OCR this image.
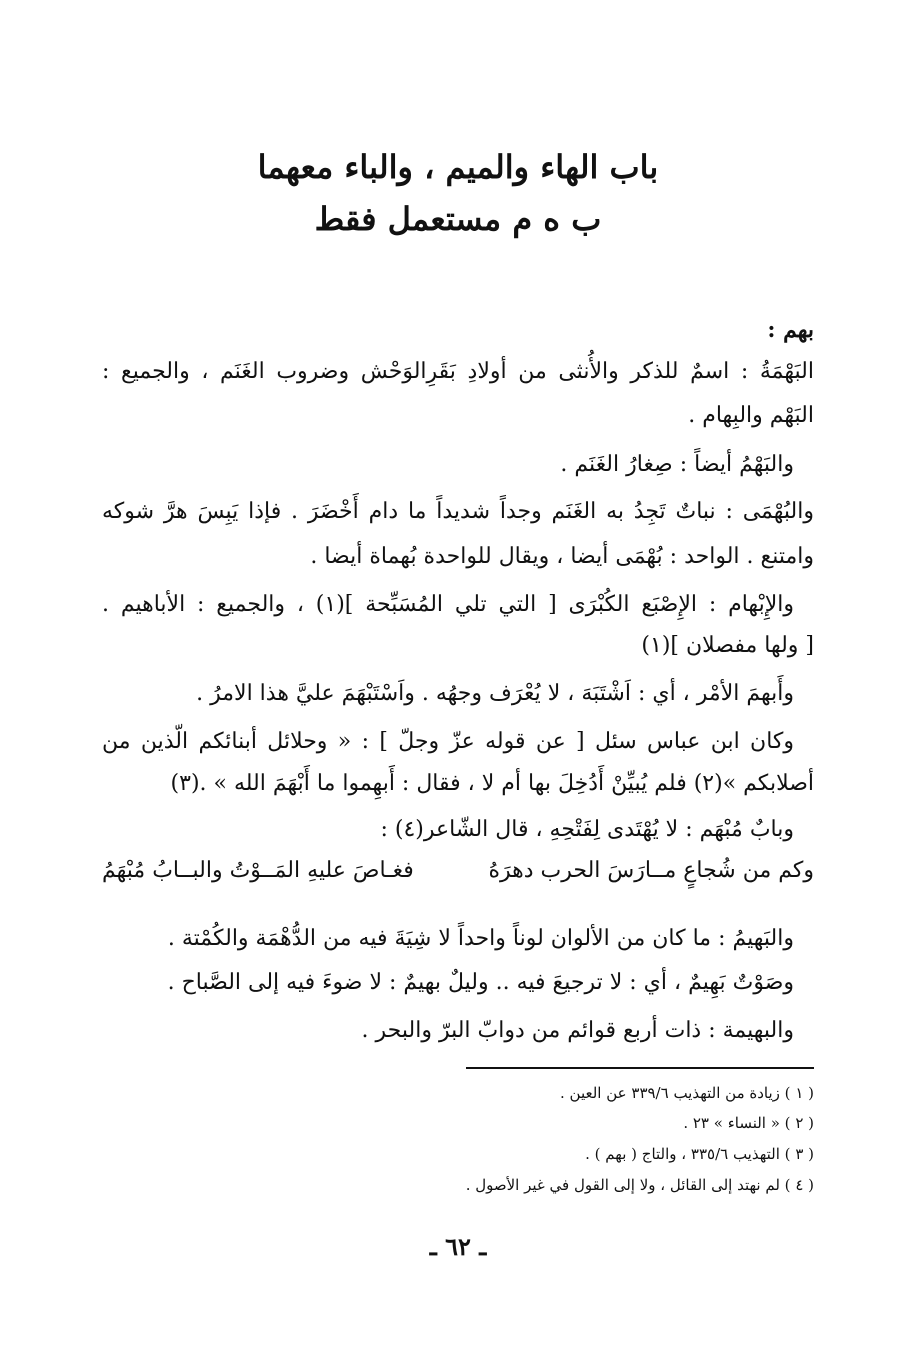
باب الهاء والميم ، والباء معهما
ب ه م مستعمل فقط
بهم :
البَهْمَةُ : اسمٌ للذكر والأُنثى من أولادِ بَقَرِالوَحْش وضروب الغَنَم ، والجميع :
البَهْم والبِهام .
والبَهْمُ أيضاً : صِغارُ الغَنَم .
والبُهْمَى : نباتٌ تَجِدُ به الغَنَم وجداً شديداً ما دام أَخْضَرَ . فإذا يَبِسَ هرَّ شوكه
وامتنع . الواحد : بُهْمَى أيضا ، ويقال للواحدة بُهماة أيضا .
والإِبْهام : الإِصْبَع الكُبْرَى [ التي تلي المُسَبِّحة ](١) ، والجميع : الأباهيم .
[ ولها مفصلان ](١)
وأَبهمَ الأمْر ، أي : اَشْتَبَهَ ، لا يُعْرَف وجهُه . واَسْتَبْهَمَ عليَّ هذا الامرُ .
وكان ابن عباس سئل [ عن قوله عزّ وجلّ ] : « وحلائل أبنائكم الّذين من
أصلابكم »(٢) فلم يُبيِّنْ أَدُخِلَ بها أم لا ، فقال : أَبهِموا ما أَبْهَمَ الله » .(٣)
وبابٌ مُبْهَم : لا يُهْتَدى لِفَتْحِهِ ، قال الشّاعر(٤) :
وكم من شُجاعٍ مــارَسَ الحرب دهرَهُ
فغـاصَ عليهِ المَــوْتُ والبــابُ مُبْهَمُ
والبَهيمُ : ما كان من الألوان لوناً واحداً لا شِيَةَ فيه من الدُّهْمَة والكُمْتة .
وصَوْتٌ بَهِيمٌ ، أي : لا ترجيعَ فيه .. وليلٌ بهيمٌ : لا ضوءَ فيه إلى الصَّباح .
والبهيمة : ذات أربع قوائم من دوابّ البرّ والبحر .
( ١ ) زيادة من التهذيب ٣٣٩/٦ عن العين .
( ٢ ) « النساء » ٢٣ .
( ٣ ) التهذيب ٣٣٥/٦ ، والتاج ( بهم ) .
( ٤ ) لم نهتد إلى القائل ، ولا إلى القول في غير الأصول .
ـ ٦٢ ـ
